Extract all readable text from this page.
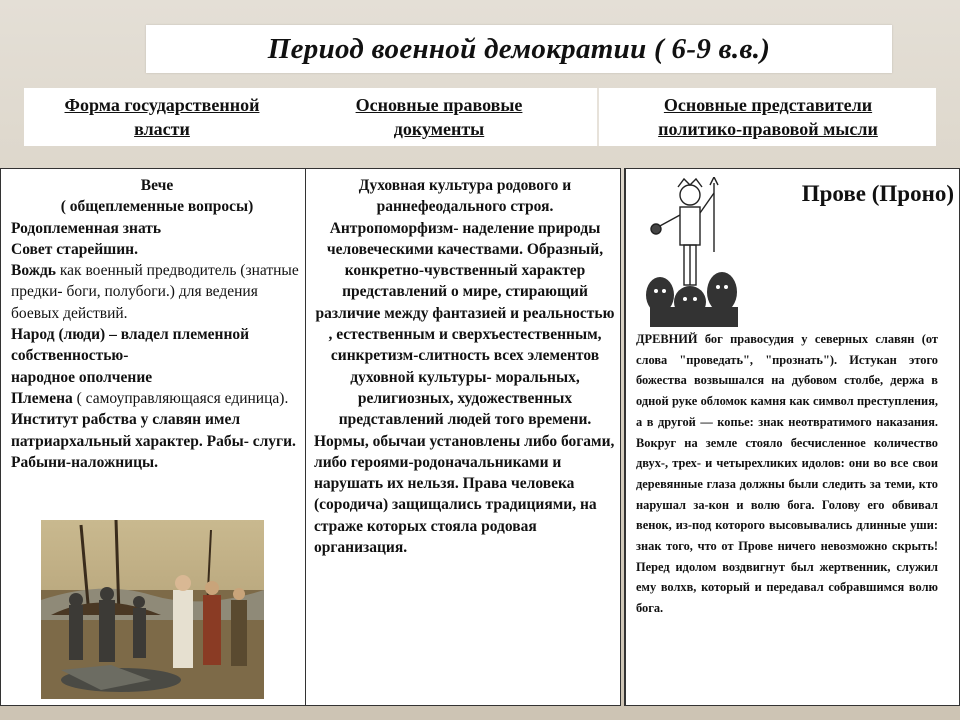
Период военной демократии ( 6-9 в.в.)
Форма государственной
власти
Основные правовые
документы
Основные представители
политико-правовой мысли

Вече

( общеплеменные вопросы)

Родоплеменная знать

Совет старейшин.

Вождь как военный предводитель (знатные предки- боги, полубоги.) для ведения боевых действий.

Народ (люди) – владел племенной собственностью-

народное ополчение

Племена ( самоуправляющаяся единица).

Институт рабства у славян имел патриархальный характер. Рабы- слуги. Рабыни-наложницы.

Духовная культура родового и раннефеодального строя. Антропоморфизм- наделение природы человеческими качествами. Образный, конкретно-чувственный характер представлений о мире, стирающий различие между фантазией и реальностью , естественным и сверхъестественным, синкретизм-слитность всех элементов духовной культуры- моральных, религиозных, художественных представлений людей того времени.

Нормы, обычаи установлены либо богами, либо героями-родоначальниками и нарушать их нельзя. Права человека (сородича) защищались традициями, на страже которых стояла родовая организация.

Прове (Проно)
ДРЕВНИЙ бог правосудия у северных славян (от слова "проведать", "прознать"). Истукан этого божества возвышался на дубовом столбе, держа в одной руке обломок камня как символ преступления, а в другой — копье: знак неотвратимого наказания. Вокруг на земле стояло бесчисленное количество двух-, трех- и четырехликих идолов: они во все свои деревянные глаза должны были следить за теми, кто нарушал за-кон и волю бога. Голову его обвивал венок, из-под которого высовывались длинные уши: знак того, что от Прове ничего невозможно скрыть! Перед идолом воздвигнут был жертвенник, служил ему волхв, который и передавал собравшимся волю бога.
